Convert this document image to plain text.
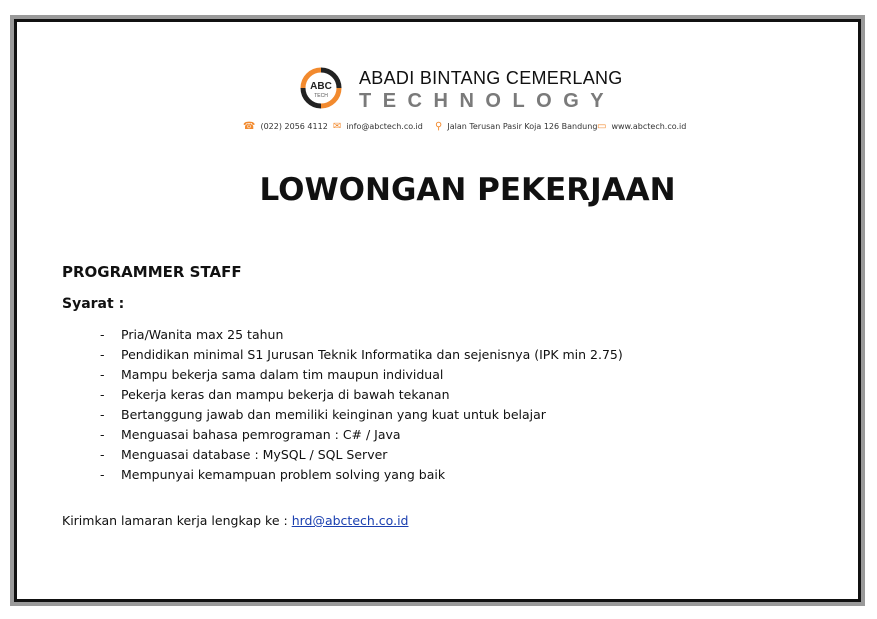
ABC
TECH
ABADI BINTANG CEMERLANG
TECHNOLOGY
☎ (022) 2056 4112 ✉ info@abctech.co.id ⚲ Jalan Terusan Pasir Koja 126 Bandung ▭ www.abctech.co.id
LOWONGAN PEKERJAAN
PROGRAMMER STAFF
Syarat :
-	Pria/Wanita max 25 tahun
-	Pendidikan minimal S1 Jurusan Teknik Informatika dan sejenisnya (IPK min 2.75)
-	Mampu bekerja sama dalam tim maupun individual
-	Pekerja keras dan mampu bekerja di bawah tekanan
-	Bertanggung jawab dan memiliki keinginan yang kuat untuk belajar
-	Menguasai bahasa pemrograman : C# / Java
-	Menguasai database : MySQL / SQL Server
-	Mempunyai kemampuan problem solving yang baik
Kirimkan lamaran kerja lengkap ke : hrd@abctech.co.id
